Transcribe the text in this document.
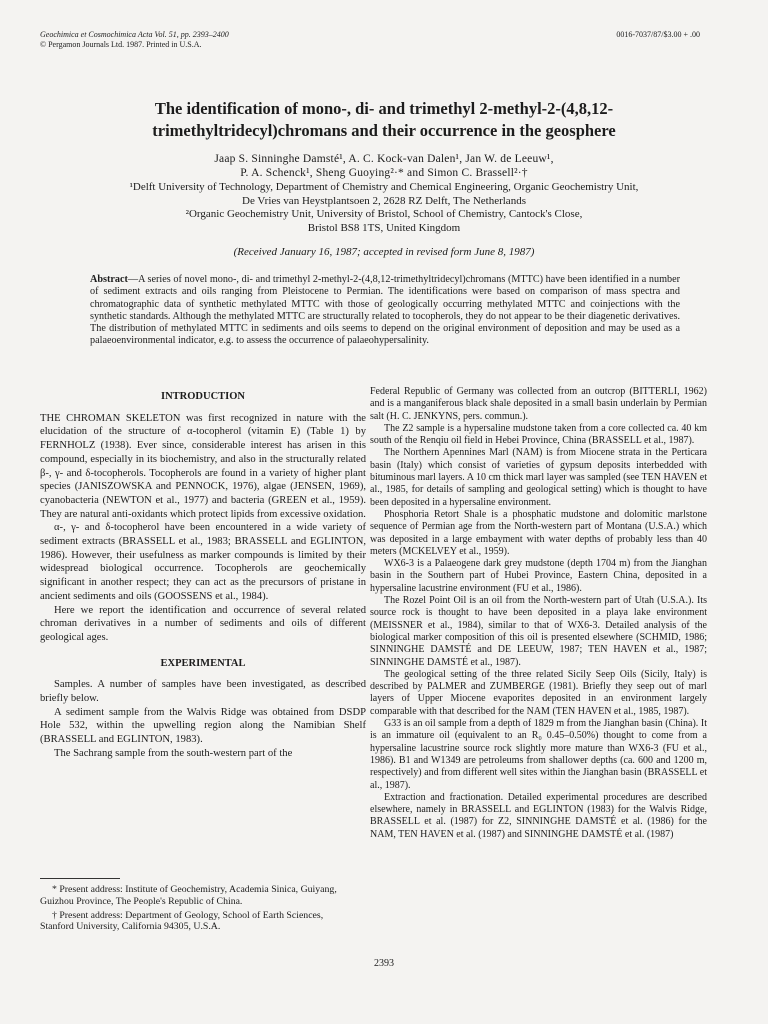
Geochimica et Cosmochimica Acta Vol. 51, pp. 2393–2400
© Pergamon Journals Ltd. 1987. Printed in U.S.A.
0016-7037/87/$3.00 + .00
The identification of mono-, di- and trimethyl 2-methyl-2-(4,8,12-trimethyltridecyl)chromans and their occurrence in the geosphere
Jaap S. Sinninghe Damsté¹, A. C. Kock-van Dalen¹, Jan W. de Leeuw¹,
P. A. Schenck¹, Sheng Guoying²·* and Simon C. Brassell²·†
¹Delft University of Technology, Department of Chemistry and Chemical Engineering, Organic Geochemistry Unit,
De Vries van Heystplantsoen 2, 2628 RZ Delft, The Netherlands
²Organic Geochemistry Unit, University of Bristol, School of Chemistry, Cantock's Close,
Bristol BS8 1TS, United Kingdom
(Received January 16, 1987; accepted in revised form June 8, 1987)
Abstract—A series of novel mono-, di- and trimethyl 2-methyl-2-(4,8,12-trimethyltridecyl)chromans (MTTC) have been identified in a number of sediment extracts and oils ranging from Pleistocene to Permian. The identifications were based on comparison of mass spectra and chromatographic data of synthetic methylated MTTC with those of geologically occurring methylated MTTC and coinjections with the synthetic standards. Although the methylated MTTC are structurally related to tocopherols, they do not appear to be their diagenetic derivatives. The distribution of methylated MTTC in sediments and oils seems to depend on the original environment of deposition and may be used as a palaeoenvironmental indicator, e.g. to assess the occurrence of palaeohypersalinity.
INTRODUCTION

THE CHROMAN SKELETON was first recognized in nature with the elucidation of the structure of α-tocopherol (vitamin E) (Table 1) by FERNHOLZ (1938). Ever since, considerable interest has arisen in this compound, especially in its biochemistry, and also in the structurally related β-, γ- and δ-tocopherols. Tocopherols are found in a variety of higher plant species (JANISZOWSKA and PENNOCK, 1976), algae (JENSEN, 1969), cyanobacteria (NEWTON et al., 1977) and bacteria (GREEN et al., 1959). They are natural anti-oxidants which protect lipids from excessive oxidation.

α-, γ- and δ-tocopherol have been encountered in a wide variety of sediment extracts (BRASSELL et al., 1983; BRASSELL and EGLINTON, 1986). However, their usefulness as marker compounds is limited by their widespread biological occurrence. Tocopherols are geochemically significant in another respect; they can act as the precursors of pristane in ancient sediments and oils (GOOSSENS et al., 1984).

Here we report the identification and occurrence of several related chroman derivatives in a number of sediments and oils of different geological ages.

EXPERIMENTAL

Samples. A number of samples have been investigated, as described briefly below.

A sediment sample from the Walvis Ridge was obtained from DSDP Hole 532, within the upwelling region along the Namibian Shelf (BRASSELL and EGLINTON, 1983).

The Sachrang sample from the south-western part of the

* Present address: Institute of Geochemistry, Academia Sinica, Guiyang, Guizhou Province, The People's Republic of China.

† Present address: Department of Geology, School of Earth Sciences, Stanford University, California 94305, U.S.A.

Federal Republic of Germany was collected from an outcrop (BITTERLI, 1962) and is a manganiferous black shale deposited in a small basin underlain by Permian salt (H. C. JENKYNS, pers. commun.).

The Z2 sample is a hypersaline mudstone taken from a core collected ca. 40 km south of the Renqiu oil field in Hebei Province, China (BRASSELL et al., 1987).

The Northern Apennines Marl (NAM) is from Miocene strata in the Perticara basin (Italy) which consist of varieties of gypsum deposits interbedded with bituminous marl layers. A 10 cm thick marl layer was sampled (see TEN HAVEN et al., 1985, for details of sampling and geological setting) which is thought to have been deposited in a hypersaline environment.

Phosphoria Retort Shale is a phosphatic mudstone and dolomitic marlstone sequence of Permian age from the North-western part of Montana (U.S.A.) which was deposited in a large embayment with water depths of probably less than 40 meters (MCKELVEY et al., 1959).

WX6-3 is a Palaeogene dark grey mudstone (depth 1704 m) from the Jianghan basin in the Southern part of Hubei Province, Eastern China, deposited in a hypersaline lacustrine environment (FU et al., 1986).

The Rozel Point Oil is an oil from the North-western part of Utah (U.S.A.). Its source rock is thought to have been deposited in a playa lake environment (MEISSNER et al., 1984), similar to that of WX6-3. Detailed analysis of the biological marker composition of this oil is presented elsewhere (SCHMID, 1986; SINNINGHE DAMSTÉ and DE LEEUW, 1987; TEN HAVEN et al., 1987; SINNINGHE DAMSTÉ et al., 1987).

The geological setting of the three related Sicily Seep Oils (Sicily, Italy) is described by PALMER and ZUMBERGE (1981). Briefly they seep out of marl layers of Upper Miocene evaporites deposited in an environment largely comparable with that described for the NAM (TEN HAVEN et al., 1985, 1987).

G33 is an oil sample from a depth of 1829 m from the Jianghan basin (China). It is an immature oil (equivalent to an R₀ 0.45–0.50%) thought to come from a hypersaline lacustrine source rock slightly more mature than WX6-3 (FU et al., 1986). B1 and W1349 are petroleums from shallower depths (ca. 600 and 1200 m, respectively) and from different well sites within the Jianghan basin (BRASSELL et al., 1987).

Extraction and fractionation. Detailed experimental procedures are described elsewhere, namely in BRASSELL and EGLINTON (1983) for the Walvis Ridge, BRASSELL et al. (1987) for Z2, SINNINGHE DAMSTÉ et al. (1986) for the NAM, TEN HAVEN et al. (1987) and SINNINGHE DAMSTÉ et al. (1987)

2393
